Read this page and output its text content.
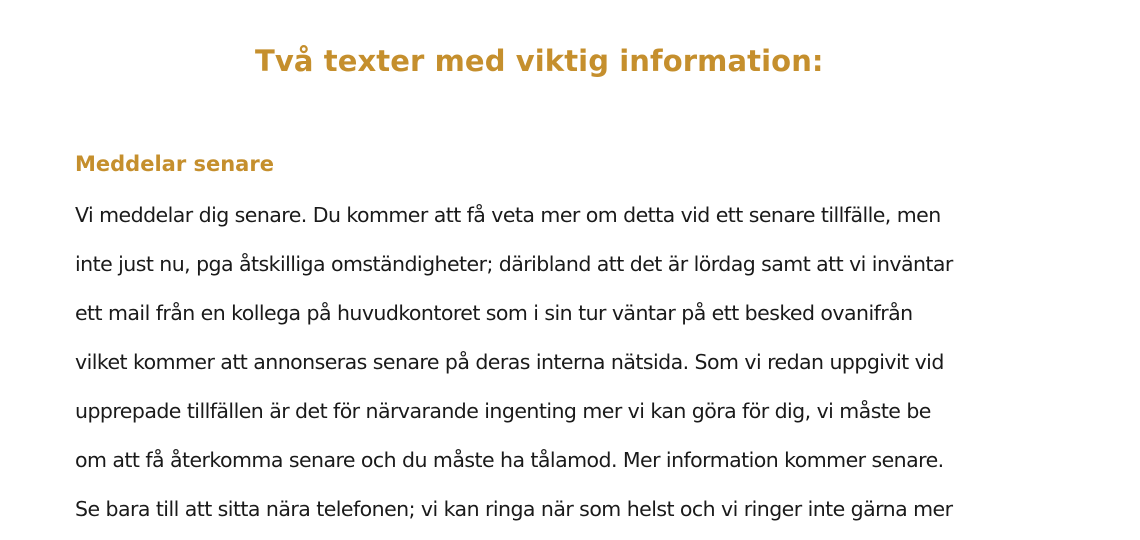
Två texter med viktig information:
Meddelar senare
Vi meddelar dig senare. Du kommer att få veta mer om detta vid ett senare tillfälle, men
inte just nu, pga åtskilliga omständigheter; däribland att det är lördag samt att vi inväntar
ett mail från en kollega på huvudkontoret som i sin tur väntar på ett besked ovanifrån
vilket kommer att annonseras senare på deras interna nätsida. Som vi redan uppgivit vid
upprepade tillfällen är det för närvarande ingenting mer vi kan göra för dig, vi måste be
om att få återkomma senare och du måste ha tålamod. Mer information kommer senare.
Se bara till att sitta nära telefonen; vi kan ringa när som helst och vi ringer inte gärna mer
